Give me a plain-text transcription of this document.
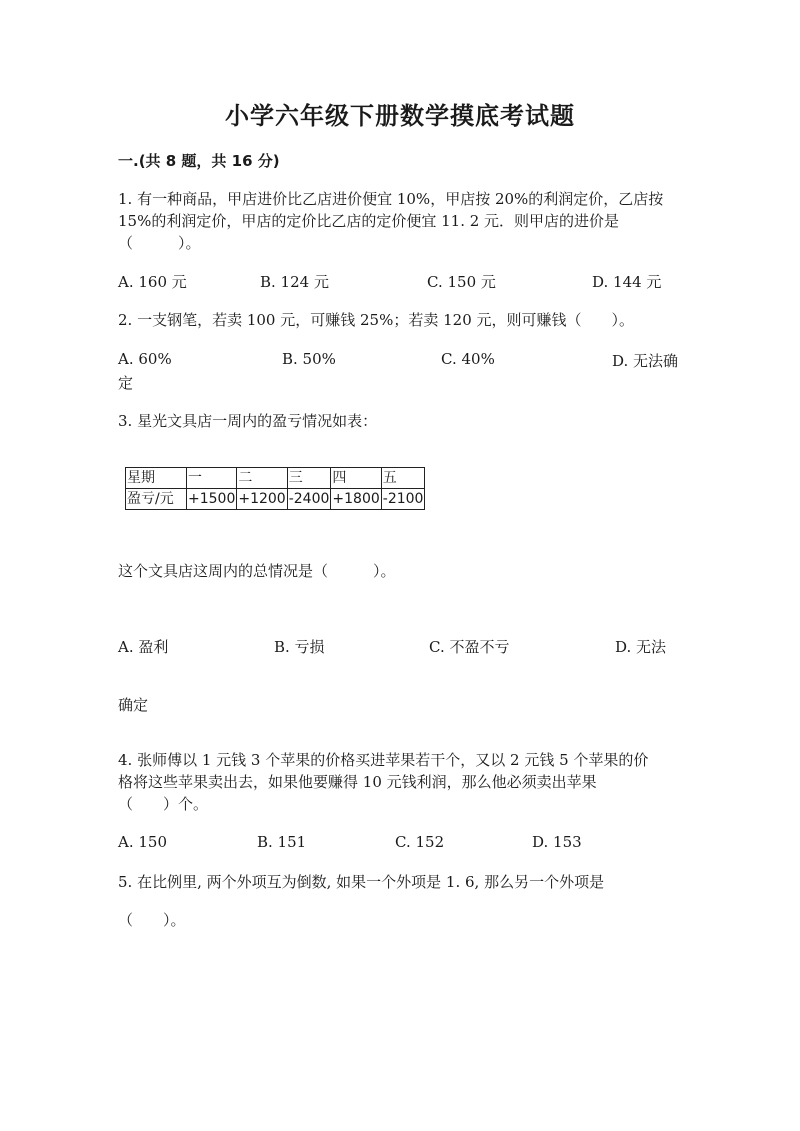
小学六年级下册数学摸底考试题
一.(共 8 题，共 16 分)
1. 有一种商品，甲店进价比乙店进价便宜 10%，甲店按 20%的利润定价，乙店按
15%的利润定价，甲店的定价比乙店的定价便宜 11. 2 元．则甲店的进价是
（　　　）。
A. 160 元	B. 124 元	C. 150 元	D. 144 元
2. 一支钢笔，若卖 100 元，可赚钱 25%；若卖 120 元，则可赚钱（　　）。
A. 60%	B. 50%	C. 40%	D. 无法确
定
3. 星光文具店一周内的盈亏情况如表：
星期	一	二	三	四	五
盈亏/元	+1500	+1200	-2400	+1800	-2100
这个文具店这周内的总情况是（　　　）。
A. 盈利	B. 亏损	C. 不盈不亏	D. 无法
确定
4. 张师傅以 1 元钱 3 个苹果的价格买进苹果若干个，又以 2 元钱 5 个苹果的价
格将这些苹果卖出去，如果他要赚得 10 元钱利润，那么他必须卖出苹果
（　　）个。
A. 150	B. 151	C. 152	D. 153
5. 在比例里, 两个外项互为倒数, 如果一个外项是 1. 6, 那么另一个外项是
（　　）。
